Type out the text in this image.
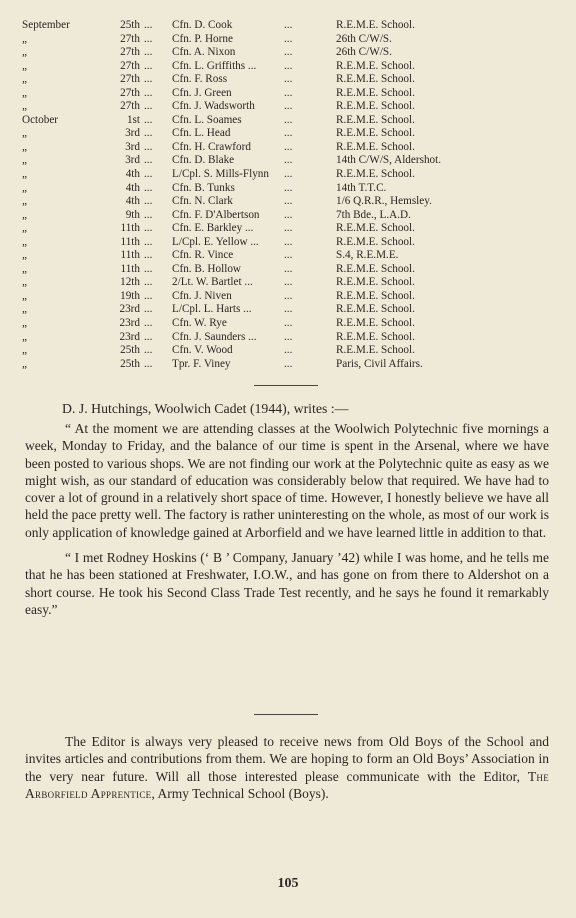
September	25th	...	Cfn. D. Cook	...	R.E.M.E. School.
„	27th	...	Cfn. P. Horne	...	26th C/W/S.
„	27th	...	Cfn. A. Nixon	...	26th C/W/S.
„	27th	...	Cfn. L. Griffiths ...	...	R.E.M.E. School.
„	27th	...	Cfn. F. Ross	...	R.E.M.E. School.
„	27th	...	Cfn. J. Green	...	R.E.M.E. School.
„	27th	...	Cfn. J. Wadsworth	...	R.E.M.E. School.
October	1st	...	Cfn. L. Soames	...	R.E.M.E. School.
„	3rd	...	Cfn. L. Head	...	R.E.M.E. School.
„	3rd	...	Cfn. H. Crawford	...	R.E.M.E. School.
„	3rd	...	Cfn. D. Blake	...	14th C/W/S, Aldershot.
„	4th	...	L/Cpl. S. Mills-Flynn	...	R.E.M.E. School.
„	4th	...	Cfn. B. Tunks	...	14th T.T.C.
„	4th	...	Cfn. N. Clark	...	1/6 Q.R.R., Hemsley.
„	9th	...	Cfn. F. D'Albertson	...	7th Bde., L.A.D.
„	11th	...	Cfn. E. Barkley ...	...	R.E.M.E. School.
„	11th	...	L/Cpl. E. Yellow ...	...	R.E.M.E. School.
„	11th	...	Cfn. R. Vince	...	S.4, R.E.M.E.
„	11th	...	Cfn. B. Hollow	...	R.E.M.E. School.
„	12th	...	2/Lt. W. Bartlet ...	...	R.E.M.E. School.
„	19th	...	Cfn. J. Niven	...	R.E.M.E. School.
„	23rd	...	L/Cpl. L. Harts ...	...	R.E.M.E. School.
„	23rd	...	Cfn. W. Rye	...	R.E.M.E. School.
„	23rd	...	Cfn. J. Saunders ...	...	R.E.M.E. School.
„	25th	...	Cfn. V. Wood	...	R.E.M.E. School.
„	25th	...	Tpr. F. Viney	...	Paris, Civil Affairs.
D. J. Hutchings, Woolwich Cadet (1944), writes :—

“ At the moment we are attending classes at the Woolwich Polytechnic five mornings a week, Monday to Friday, and the balance of our time is spent in the Arsenal, where we have been posted to various shops. We are not finding our work at the Polytechnic quite as easy as we might wish, as our standard of education was considerably below that required. We have had to cover a lot of ground in a relatively short space of time. However, I honestly believe we have all held the pace pretty well. The factory is rather uninteresting on the whole, as most of our work is only application of knowledge gained at Arborfield and we have learned little in addition to that.

“ I met Rodney Hoskins (‘ B ’ Company, January ’42) while I was home, and he tells me that he has been stationed at Freshwater, I.O.W., and has gone on from there to Aldershot on a short course. He took his Second Class Trade Test recently, and he says he found it remarkably easy.”

The Editor is always very pleased to receive news from Old Boys of the School and invites articles and contributions from them. We are hoping to form an Old Boys’ Association in the very near future. Will all those interested please communicate with the Editor, The Arborfield Apprentice, Army Technical School (Boys).

105
